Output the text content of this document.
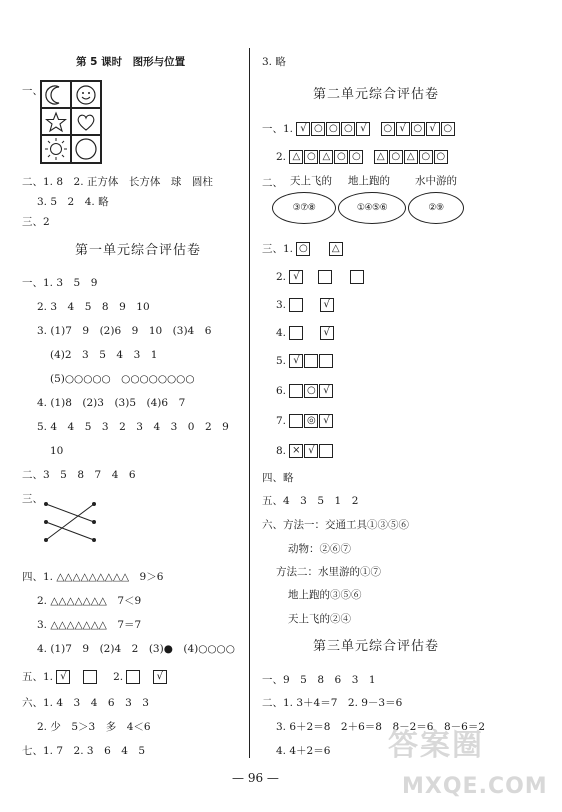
第 5 课时　图形与位置
一、
二、1. 8　2. 正方体　长方体　球　圆柱
3. 5　2　4. 略
三、2
第一单元综合评估卷
一、1. 3　5　9
2. 3　4　5　8　9　10
3. (1)7　9　(2)6　9　10　(3)4　6
(4)2　3　5　4　3　1
(5)○○○○○　○○○○○○○○
4. (1)8　(2)3　(3)5　(4)6　7
5. 4　4　5　3　2　3　4　3　0　2　9
10
二、3　5　8　7　4　6
三、
四、1. △△△△△△△△△　9＞6
2. △△△△△△△　7＜9
3. △△△△△△△　7＝7
4. (1)7　9　(2)4　2　(3)●　(4)○○○○
五、1. √	2.	√
六、1. 4　3　4　6　3　3
2. 少　5＞3　多　4＜6
七、1. 7　2. 3　6　4　5
3. 略
第二单元综合评估卷
一、1. √ ○ ○ ○ √ ○ √ ○ √ ○
2. △ ○ △ ○ ○ △ ○ △ ○ ○
二、 天上飞的 地上跑的 水中游的
③⑦⑧	①④⑤⑥	②⑨
三、1. ○ △
2. √
3.	√
4.	√
5. √
6. ○ √
7. ◎ √
8. × √
四、略
五、4　3　5　1　2
六、方法一：交通工具①③⑤⑥
动物：②⑥⑦
方法二：水里游的①⑦
地上跑的③⑤⑥
天上飞的②④
第三单元综合评估卷
一、9　5　8　6　3　1
二、1. 3＋4＝7　2. 9－3＝6
3. 6＋2＝8　2＋6＝8　8－2＝6　8－6＝2
4. 4＋2＝6 答案圈
MXQE.COM
— 96 —
